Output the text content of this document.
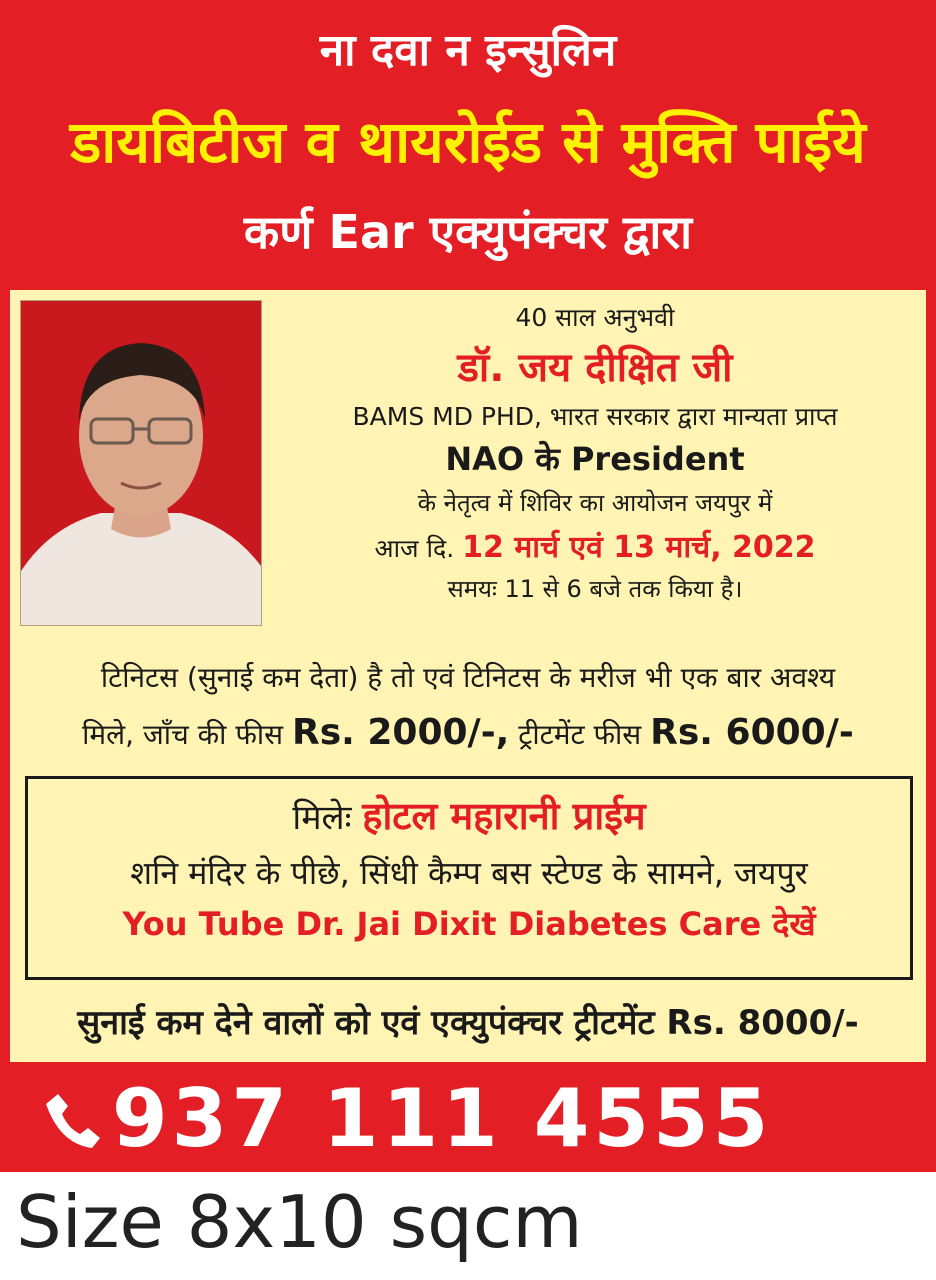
ना दवा न इन्सुलिन
डायबिटीज व थायरोईड से मुक्ति पाईये
कर्ण Ear एक्युपंक्चर द्वारा
40 साल अनुभवी
डॉ. जय दीक्षित जी
BAMS MD PHD, भारत सरकार द्वारा मान्यता प्राप्त
NAO के President
के नेतृत्व में शिविर का आयोजन जयपुर में
आज दि. 12 मार्च एवं 13 मार्च, 2022
समयः 11 से 6 बजे तक किया है।
टिनिटस (सुनाई कम देता) है तो एवं टिनिटस के मरीज भी एक बार अवश्य
मिले, जाँच की फीस Rs. 2000/-, ट्रीटमेंट फीस Rs. 6000/-
मिलेः होटल महारानी प्राईम
शनि मंदिर के पीछे, सिंधी कैम्प बस स्टेण्ड के सामने, जयपुर
You Tube Dr. Jai Dixit Diabetes Care देखें
सुनाई कम देने वालों को एवं एक्युपंक्चर ट्रीटमेंट Rs. 8000/-
937 111 4555
Size 8x10 sqcm
